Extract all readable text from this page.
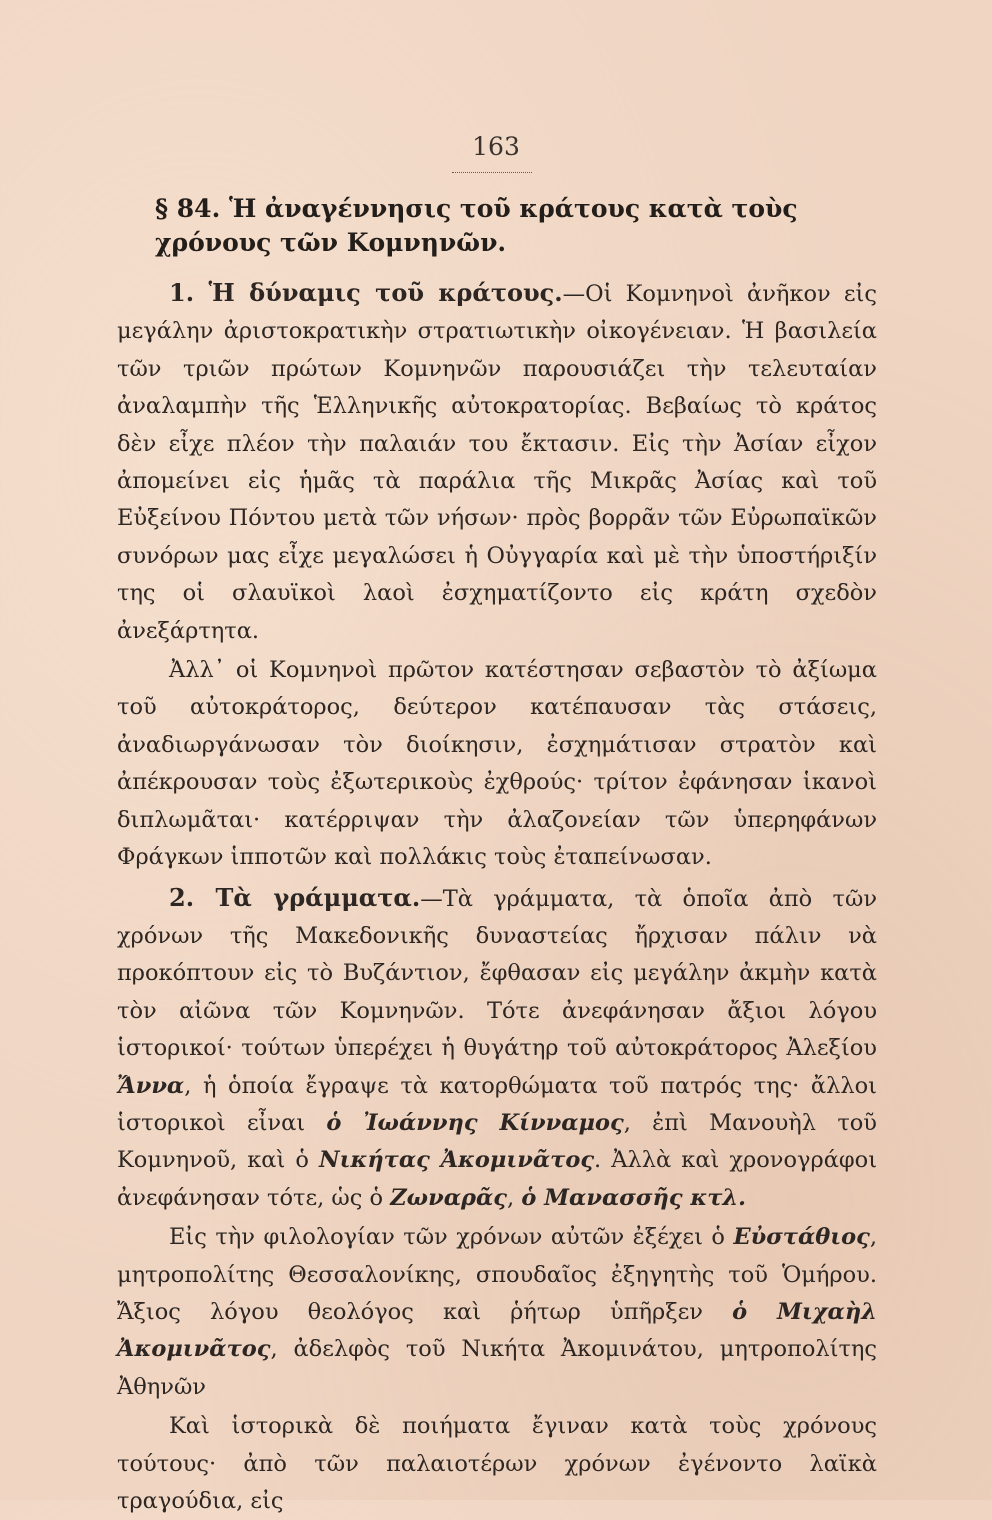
163
§ 84. Ἡ ἀναγέννησις τοῦ κράτους κατὰ τοὺς χρόνους τῶν Κομνηνῶν.

1. Ἡ δύναμις τοῦ κράτους.—Οἱ Κομνηνοὶ ἀνῆκον εἰς μεγάλην ἀριστοκρατικὴν στρατιωτικὴν οἰκογένειαν. Ἡ βασιλεία τῶν τριῶν πρώτων Κομνηνῶν παρουσιάζει τὴν τελευταίαν ἀναλαμπὴν τῆς Ἑλληνικῆς αὐτοκρατορίας. Βεβαίως τὸ κράτος δὲν εἶχε πλέον τὴν παλαιάν του ἔκτασιν. Εἰς τὴν Ἀσίαν εἶχον ἀπομείνει εἰς ἡμᾶς τὰ παράλια τῆς Μικρᾶς Ἀσίας καὶ τοῦ Εὐξείνου Πόντου μετὰ τῶν νήσων· πρὸς βορρᾶν τῶν Εὐρωπαϊκῶν συνόρων μας εἶχε μεγαλώσει ἡ Οὐγγαρία καὶ μὲ τὴν ὑποστήριξίν της οἱ σλαυϊκοὶ λαοὶ ἐσχηματίζοντο εἰς κράτη σχεδὸν ἀνεξάρτητα.

Ἀλλ᾽ οἱ Κομνηνοὶ πρῶτον κατέστησαν σεβαστὸν τὸ ἀξίωμα τοῦ αὐτοκράτορος, δεύτερον κατέπαυσαν τὰς στάσεις, ἀναδιωργάνωσαν τὸν διοίκησιν, ἐσχημάτισαν στρατὸν καὶ ἀπέκρουσαν τοὺς ἐξωτερικοὺς ἐχθρούς· τρίτον ἐφάνησαν ἱκανοὶ διπλωμᾶται· κατέρριψαν τὴν ἀλαζονείαν τῶν ὑπερηφάνων Φράγκων ἱπποτῶν καὶ πολλάκις τοὺς ἐταπείνωσαν.

2. Τὰ γράμματα.—Τὰ γράμματα, τὰ ὁποῖα ἀπὸ τῶν χρόνων τῆς Μακεδονικῆς δυναστείας ἤρχισαν πάλιν νὰ προκόπτουν εἰς τὸ Βυζάντιον, ἔφθασαν εἰς μεγάλην ἀκμὴν κατὰ τὸν αἰῶνα τῶν Κομνηνῶν. Τότε ἀνεφάνησαν ἄξιοι λόγου ἱστορικοί· τούτων ὑπερέχει ἡ θυγάτηρ τοῦ αὐτοκράτορος Ἀλεξίου Ἄννα, ἡ ὁποία ἔγραψε τὰ κατορθώματα τοῦ πατρός της· ἄλλοι ἱστορικοὶ εἶναι ὁ Ἰωάννης Κίνναμος, ἐπὶ Μανουὴλ τοῦ Κομνηνοῦ, καὶ ὁ Νικήτας Ἀκομινᾶτος. Ἀλλὰ καὶ χρονογράφοι ἀνεφάνησαν τότε, ὡς ὁ Ζωναρᾶς, ὁ Μανασσῆς κτλ.

Εἰς τὴν φιλολογίαν τῶν χρόνων αὐτῶν ἐξέχει ὁ Εὐστάθιος, μητροπολίτης Θεσσαλονίκης, σπουδαῖος ἐξηγητὴς τοῦ Ὁμήρου. Ἄξιος λόγου θεολόγος καὶ ῥήτωρ ὑπῆρξεν ὁ Μιχαὴλ Ἀκομινᾶτος, ἀδελφὸς τοῦ Νικήτα Ἀκομινάτου, μητροπολίτης Ἀθηνῶν

Καὶ ἱστορικὰ δὲ ποιήματα ἔγιναν κατὰ τοὺς χρόνους τούτους· ἀπὸ τῶν παλαιοτέρων χρόνων ἐγένοντο λαϊκὰ τραγούδια, εἰς
